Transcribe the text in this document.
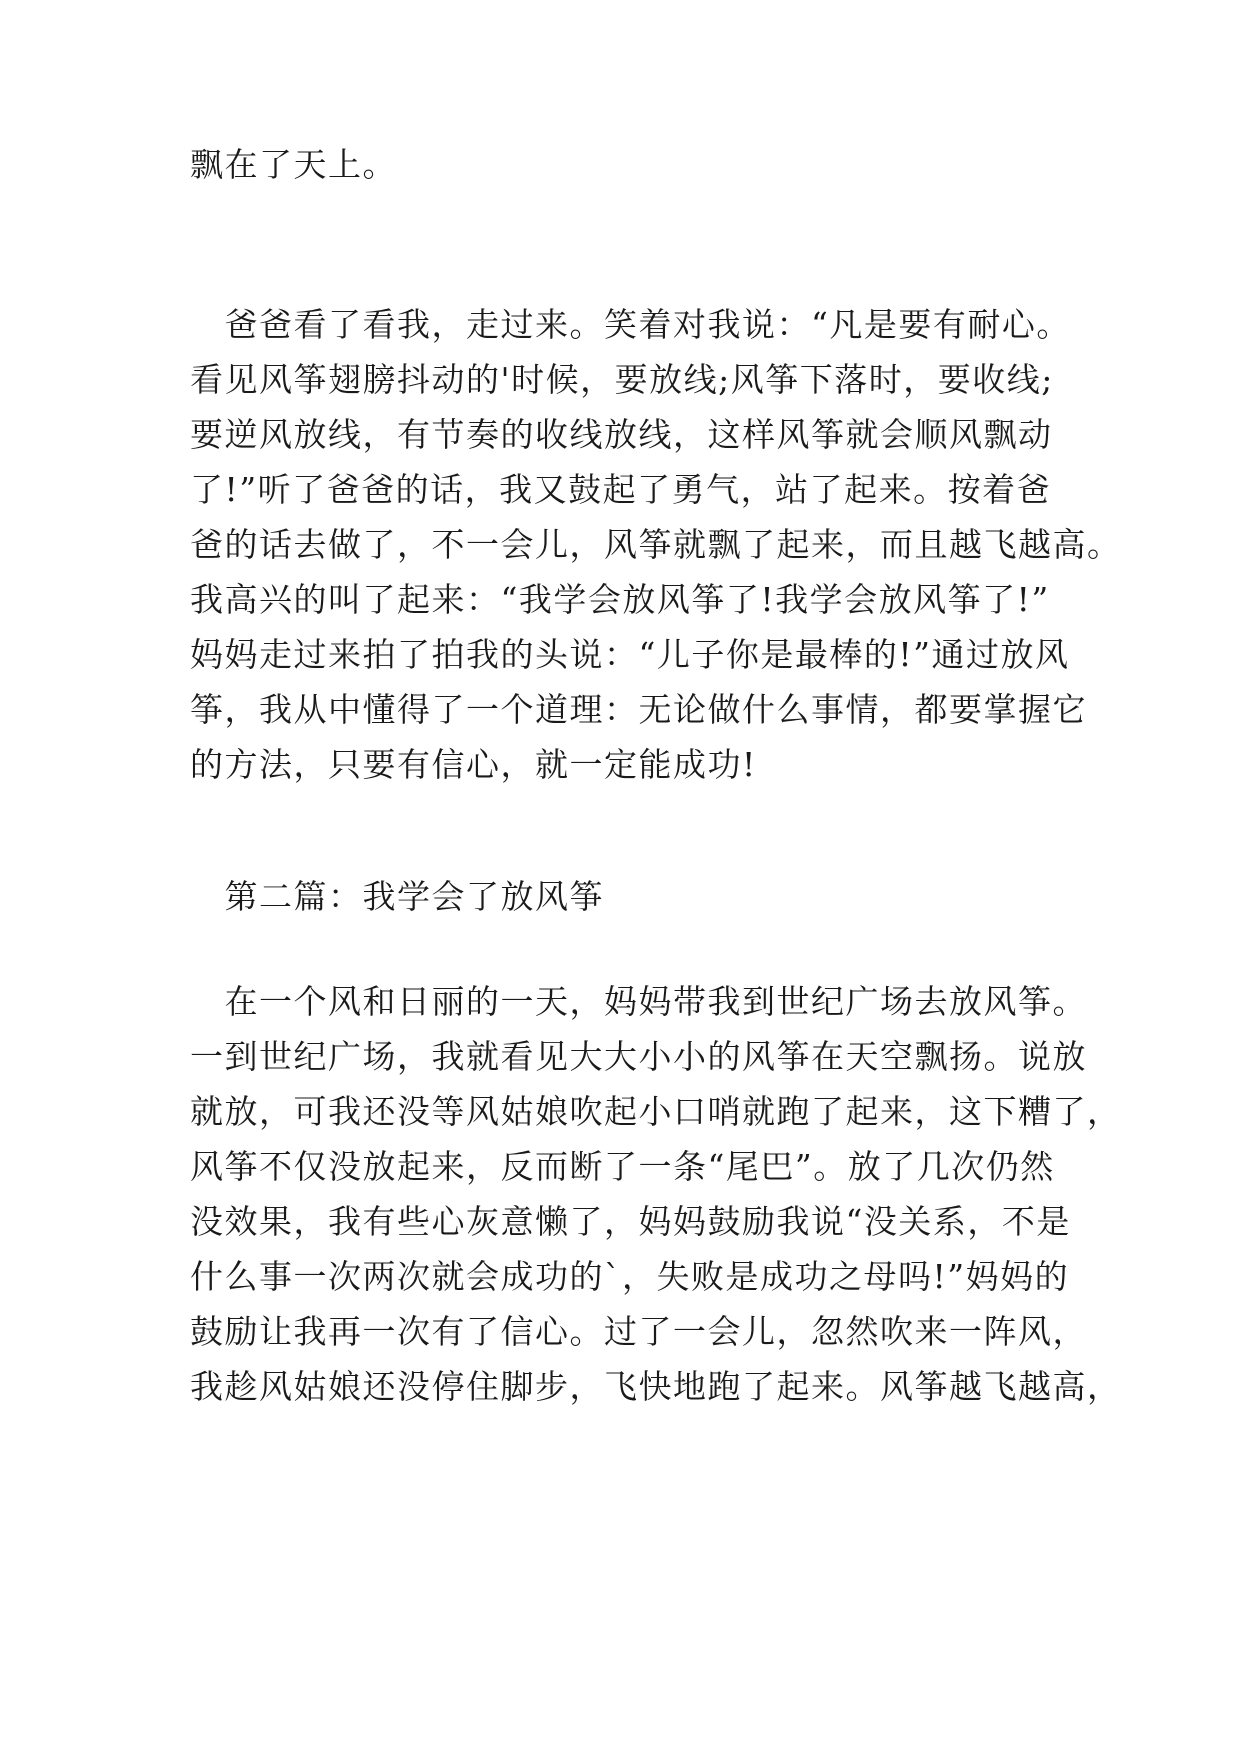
飘在了天上。
　爸爸看了看我，走过来。笑着对我说：“凡是要有耐心。
看见风筝翅膀抖动的'时候，要放线;风筝下落时，要收线;
要逆风放线，有节奏的收线放线，这样风筝就会顺风飘动
了!”听了爸爸的话，我又鼓起了勇气，站了起来。按着爸
爸的话去做了，不一会儿，风筝就飘了起来，而且越飞越高。
我高兴的叫了起来：“我学会放风筝了!我学会放风筝了!”
妈妈走过来拍了拍我的头说：“儿子你是最棒的!”通过放风
筝，我从中懂得了一个道理：无论做什么事情，都要掌握它
的方法，只要有信心，就一定能成功!
　第二篇：我学会了放风筝
　在一个风和日丽的一天，妈妈带我到世纪广场去放风筝。
一到世纪广场，我就看见大大小小的风筝在天空飘扬。说放
就放，可我还没等风姑娘吹起小口哨就跑了起来，这下糟了，
风筝不仅没放起来，反而断了一条“尾巴”。放了几次仍然
没效果，我有些心灰意懒了，妈妈鼓励我说“没关系，不是
什么事一次两次就会成功的`，失败是成功之母吗!”妈妈的
鼓励让我再一次有了信心。过了一会儿，忽然吹来一阵风，
我趁风姑娘还没停住脚步，飞快地跑了起来。风筝越飞越高，
